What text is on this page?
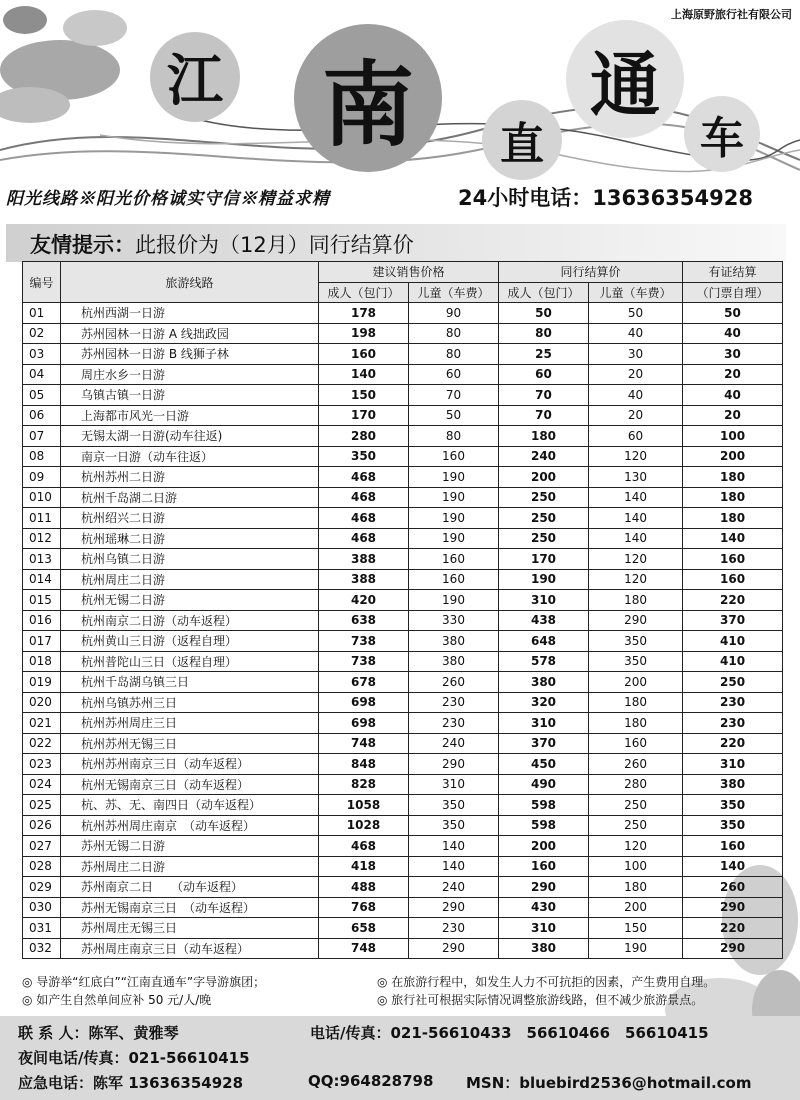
江	南	直
通
车
上海原野旅行社有限公司
阳光线路※阳光价格诚实守信※精益求精	24小时电话：13636354928
友情提示：此报价为（12月）同行结算价
编号	旅游线路	建议销售价格		同行结算价		有证结算
		成人（包门）	儿童（车费）	成人（包门）	儿童（车费）	（门票自理）
01	杭州西湖一日游	178	90	50	50	50
02	苏州园林一日游 A 线拙政园	198	80	80	40	40
03	苏州园林一日游 B 线狮子林	160	80	25	30	30
04	周庄水乡一日游	140	60	60	20	20
05	乌镇古镇一日游	150	70	70	40	40
06	上海都市风光一日游	170	50	70	20	20
07	无锡太湖一日游(动车往返)	280	80	180	60	100
08	南京一日游（动车往返）	350	160	240	120	200
09	杭州苏州二日游	468	190	200	130	180
010	杭州千岛湖二日游	468	190	250	140	180
011	杭州绍兴二日游	468	190	250	140	180
012	杭州瑶琳二日游	468	190	250	140	140
013	杭州乌镇二日游	388	160	170	120	160
014	杭州周庄二日游	388	160	190	120	160
015	杭州无锡二日游	420	190	310	180	220
016	杭州南京二日游（动车返程）	638	330	438	290	370
017	杭州黄山三日游（返程自理）	738	380	648	350	410
018	杭州普陀山三日（返程自理）	738	380	578	350	410
019	杭州千岛湖乌镇三日	678	260	380	200	250
020	杭州乌镇苏州三日	698	230	320	180	230
021	杭州苏州周庄三日	698	230	310	180	230
022	杭州苏州无锡三日	748	240	370	160	220
023	杭州苏州南京三日（动车返程）	848	290	450	260	310
024	杭州无锡南京三日（动车返程）	828	310	490	280	380
025	杭、苏、无、南四日（动车返程）	1058	350	598	250	350
026	杭州苏州周庄南京　（动车返程）	1028	350	598	250	350
027	苏州无锡二日游	468	140	200	120	160
028	苏州周庄二日游	418	140	160	100	140
029	苏州南京二日　　（动车返程）	488	240	290	180	260
030	苏州无锡南京三日　（动车返程）	768	290	430	200	290
031	苏州周庄无锡三日	658	230	310	150	220
032	苏州周庄南京三日（动车返程）	748	290	380	190	290
◎ 导游举“红底白”“江南直通车”字导游旗团；	◎ 在旅游行程中，如发生人力不可抗拒的因素，产生费用自理。
◎ 如产生自然单间应补 50 元/人/晚	◎ 旅行社可根据实际情况调整旅游线路，但不减少旅游景点。
联 系 人：陈军、黄雅琴	电话/传真：021-56610433　56610466　56610415
夜间电话/传真：021-56610415
应急电话：陈军 13636354928	QQ:964828798 MSN：bluebird2536@hotmail.com
